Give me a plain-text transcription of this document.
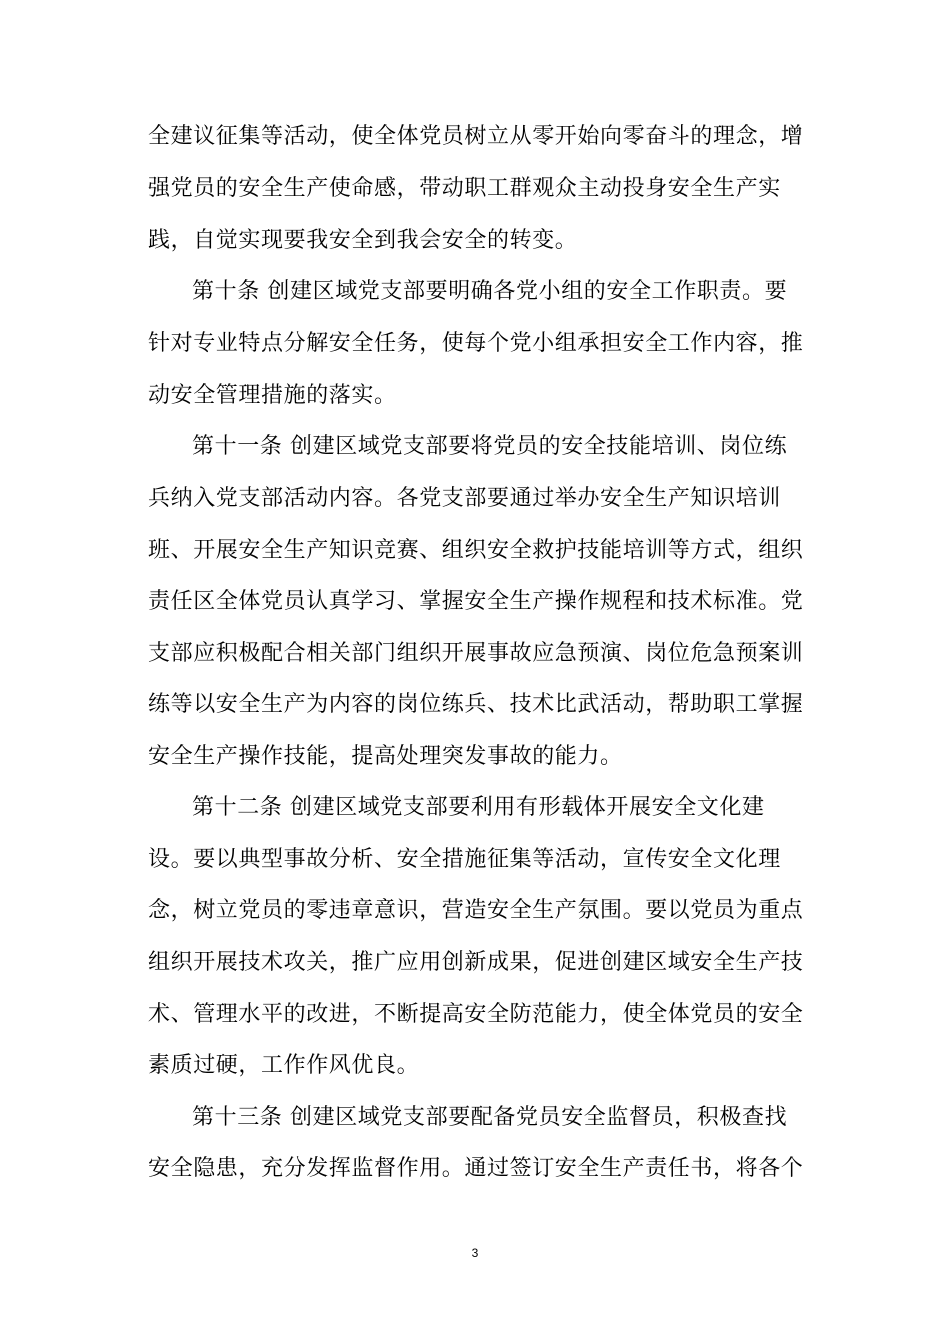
全建议征集等活动，使全体党员树立从零开始向零奋斗的理念，增
强党员的安全生产使命感，带动职工群观众主动投身安全生产实
践，自觉实现要我安全到我会安全的转变。
第十条 创建区域党支部要明确各党小组的安全工作职责。要
针对专业特点分解安全任务，使每个党小组承担安全工作内容，推
动安全管理措施的落实。
第十一条 创建区域党支部要将党员的安全技能培训、岗位练
兵纳入党支部活动内容。各党支部要通过举办安全生产知识培训
班、开展安全生产知识竞赛、组织安全救护技能培训等方式，组织
责任区全体党员认真学习、掌握安全生产操作规程和技术标准。党
支部应积极配合相关部门组织开展事故应急预演、岗位危急预案训
练等以安全生产为内容的岗位练兵、技术比武活动，帮助职工掌握
安全生产操作技能，提高处理突发事故的能力。
第十二条 创建区域党支部要利用有形载体开展安全文化建
设。要以典型事故分析、安全措施征集等活动，宣传安全文化理
念，树立党员的零违章意识，营造安全生产氛围。要以党员为重点
组织开展技术攻关，推广应用创新成果，促进创建区域安全生产技
术、管理水平的改进，不断提高安全防范能力，使全体党员的安全
素质过硬，工作作风优良。
第十三条 创建区域党支部要配备党员安全监督员，积极查找
安全隐患，充分发挥监督作用。通过签订安全生产责任书，将各个
3
